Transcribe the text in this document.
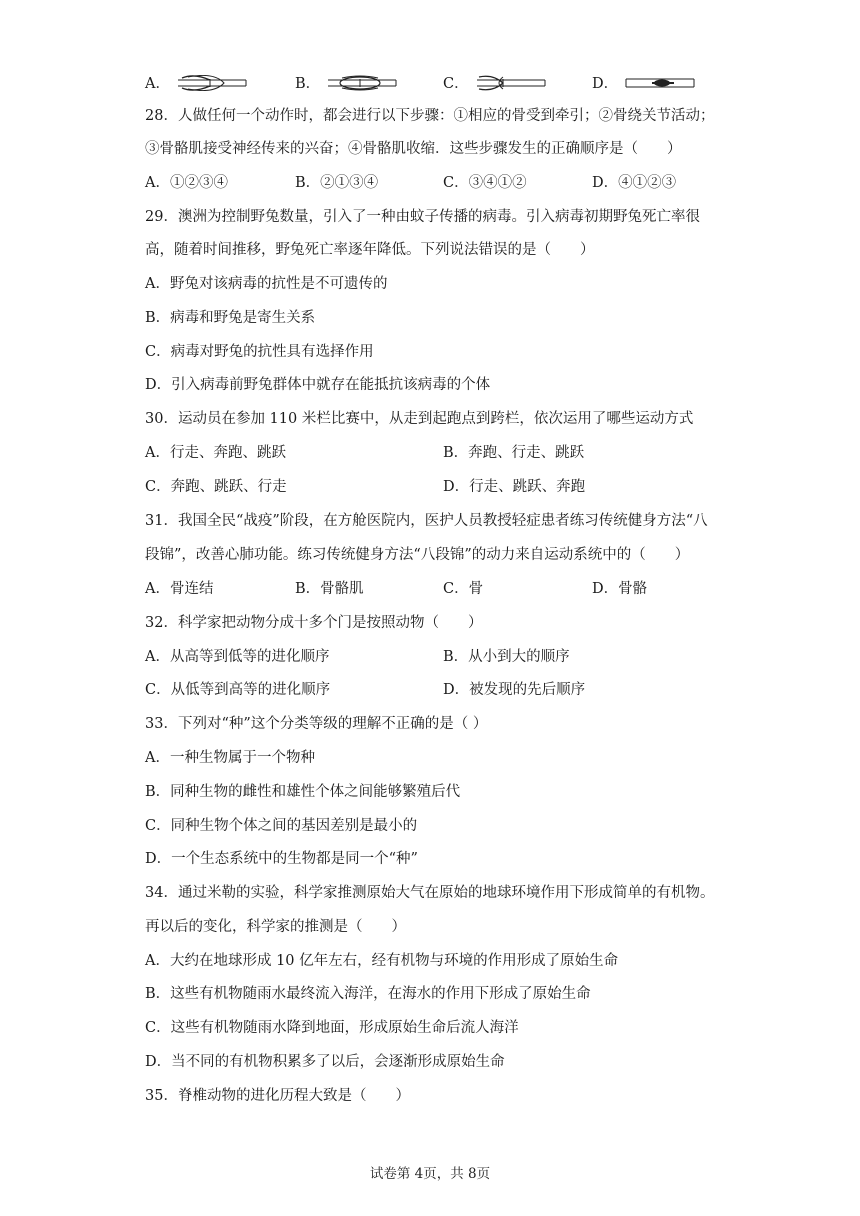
A．	B．	C．	D．
28．人做任何一个动作时，都会进行以下步骤：①相应的骨受到牵引；②骨绕关节活动；
③骨骼肌接受神经传来的兴奋；④骨骼肌收缩．这些步骤发生的正确顺序是（　　）
A．①②③④	B．②①③④	C．③④①②	D．④①②③
29．澳洲为控制野兔数量，引入了一种由蚊子传播的病毒。引入病毒初期野兔死亡率很
高，随着时间推移，野兔死亡率逐年降低。下列说法错误的是（　　）
A．野兔对该病毒的抗性是不可遗传的
B．病毒和野兔是寄生关系
C．病毒对野兔的抗性具有选择作用
D．引入病毒前野兔群体中就存在能抵抗该病毒的个体
30．运动员在参加 110 米栏比赛中，从走到起跑点到跨栏，依次运用了哪些运动方式
A．行走、奔跑、跳跃	B．奔跑、行走、跳跃
C．奔跑、跳跃、行走	D．行走、跳跃、奔跑
31．我国全民“战疫”阶段，在方舱医院内，医护人员教授轻症患者练习传统健身方法“八
段锦”，改善心肺功能。练习传统健身方法“八段锦”的动力来自运动系统中的（　　）
A．骨连结	B．骨骼肌	C．骨	D．骨骼
32．科学家把动物分成十多个门是按照动物（　　）
A．从高等到低等的进化顺序	B．从小到大的顺序
C．从低等到高等的进化顺序	D．被发现的先后顺序
33．下列对“种”这个分类等级的理解不正确的是（ ）
A．一种生物属于一个物种
B．同种生物的雌性和雄性个体之间能够繁殖后代
C．同种生物个体之间的基因差别是最小的
D．一个生态系统中的生物都是同一个“种”
34．通过米勒的实验，科学家推测原始大气在原始的地球环境作用下形成简单的有机物。
再以后的变化，科学家的推测是（　　）
A．大约在地球形成 10 亿年左右，经有机物与环境的作用形成了原始生命
B．这些有机物随雨水最终流入海洋，在海水的作用下形成了原始生命
C．这些有机物随雨水降到地面，形成原始生命后流人海洋
D．当不同的有机物积累多了以后，会逐渐形成原始生命
35．脊椎动物的进化历程大致是（　　）
试卷第 4页，共 8页
